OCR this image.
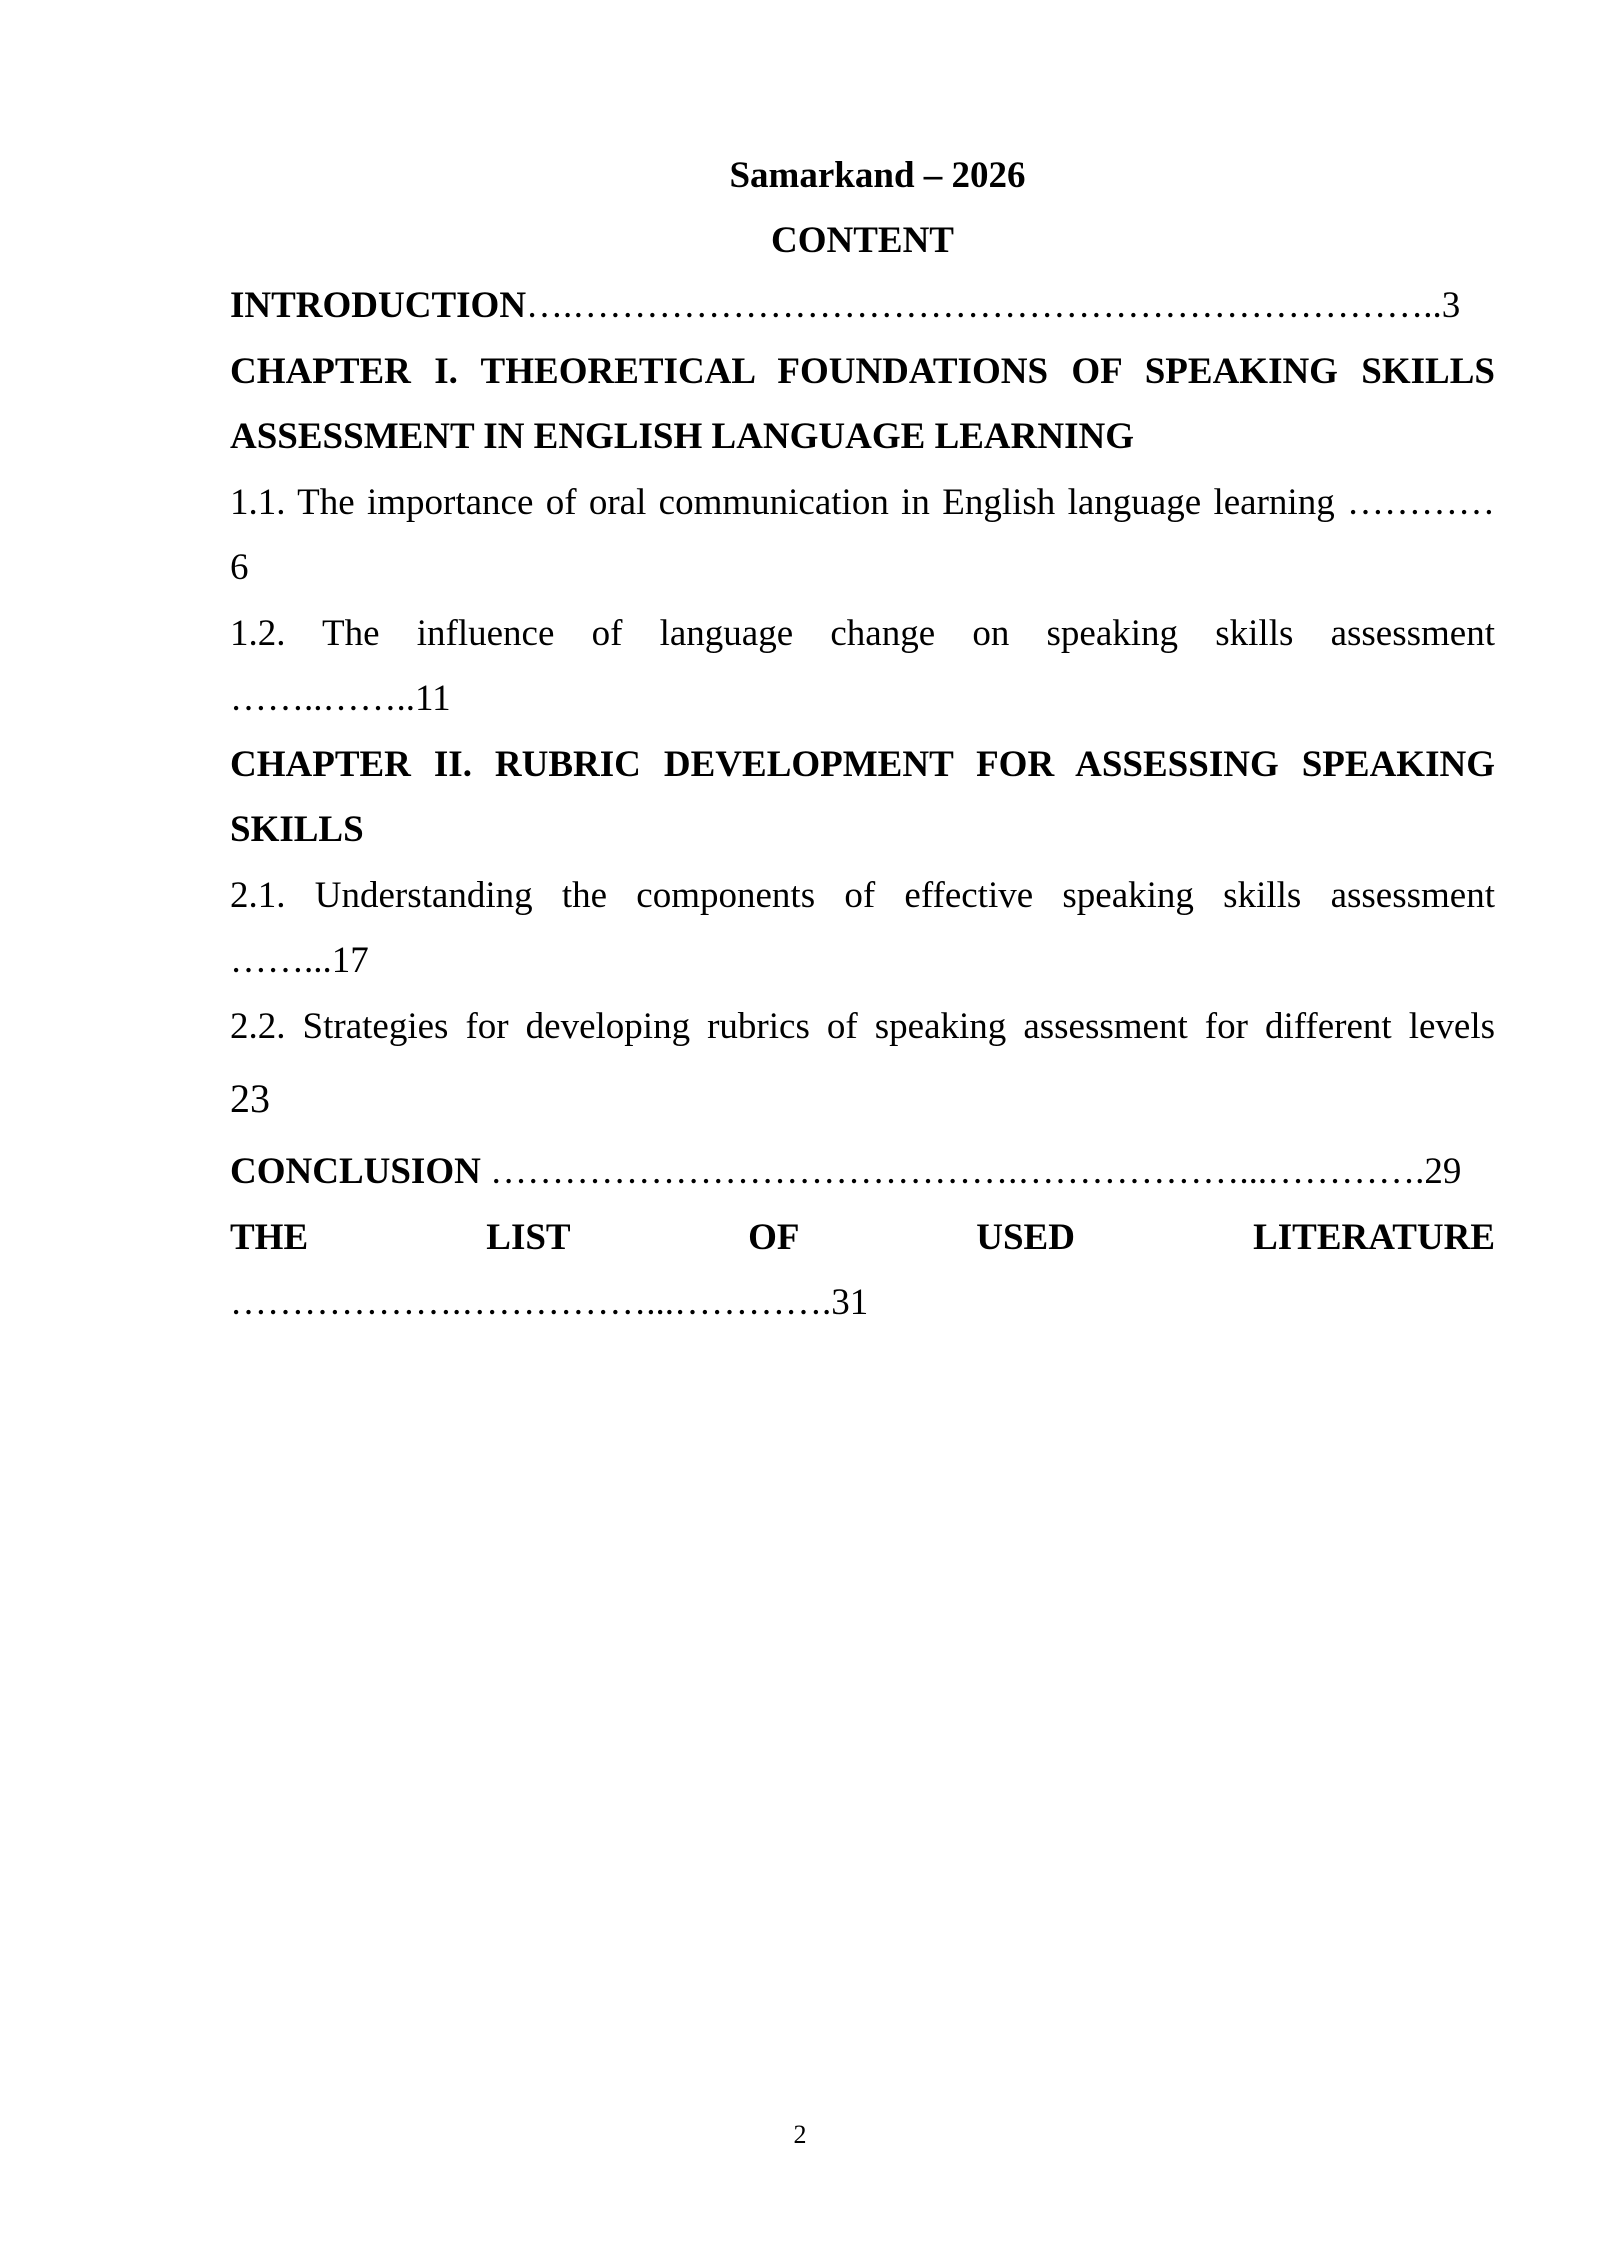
Samarkand – 2026
CONTENT
INTRODUCTION….……………………………………………………………..3
CHAPTER I. THEORETICAL FOUNDATIONS OF SPEAKING SKILLS
ASSESSMENT IN ENGLISH LANGUAGE LEARNING
1.1. The importance of oral communication in English language learning …………
6
1.2. The influence of language change on speaking skills assessment
……..……..11
CHAPTER II. RUBRIC DEVELOPMENT FOR ASSESSING SPEAKING
SKILLS
2.1. Understanding the components of effective speaking skills assessment
……...17
2.2. Strategies for developing rubrics of speaking assessment for different levels
23
CONCLUSION …………………………………….………………...………….29
THE LIST OF USED LITERATURE
……………….……………...………….31
2
